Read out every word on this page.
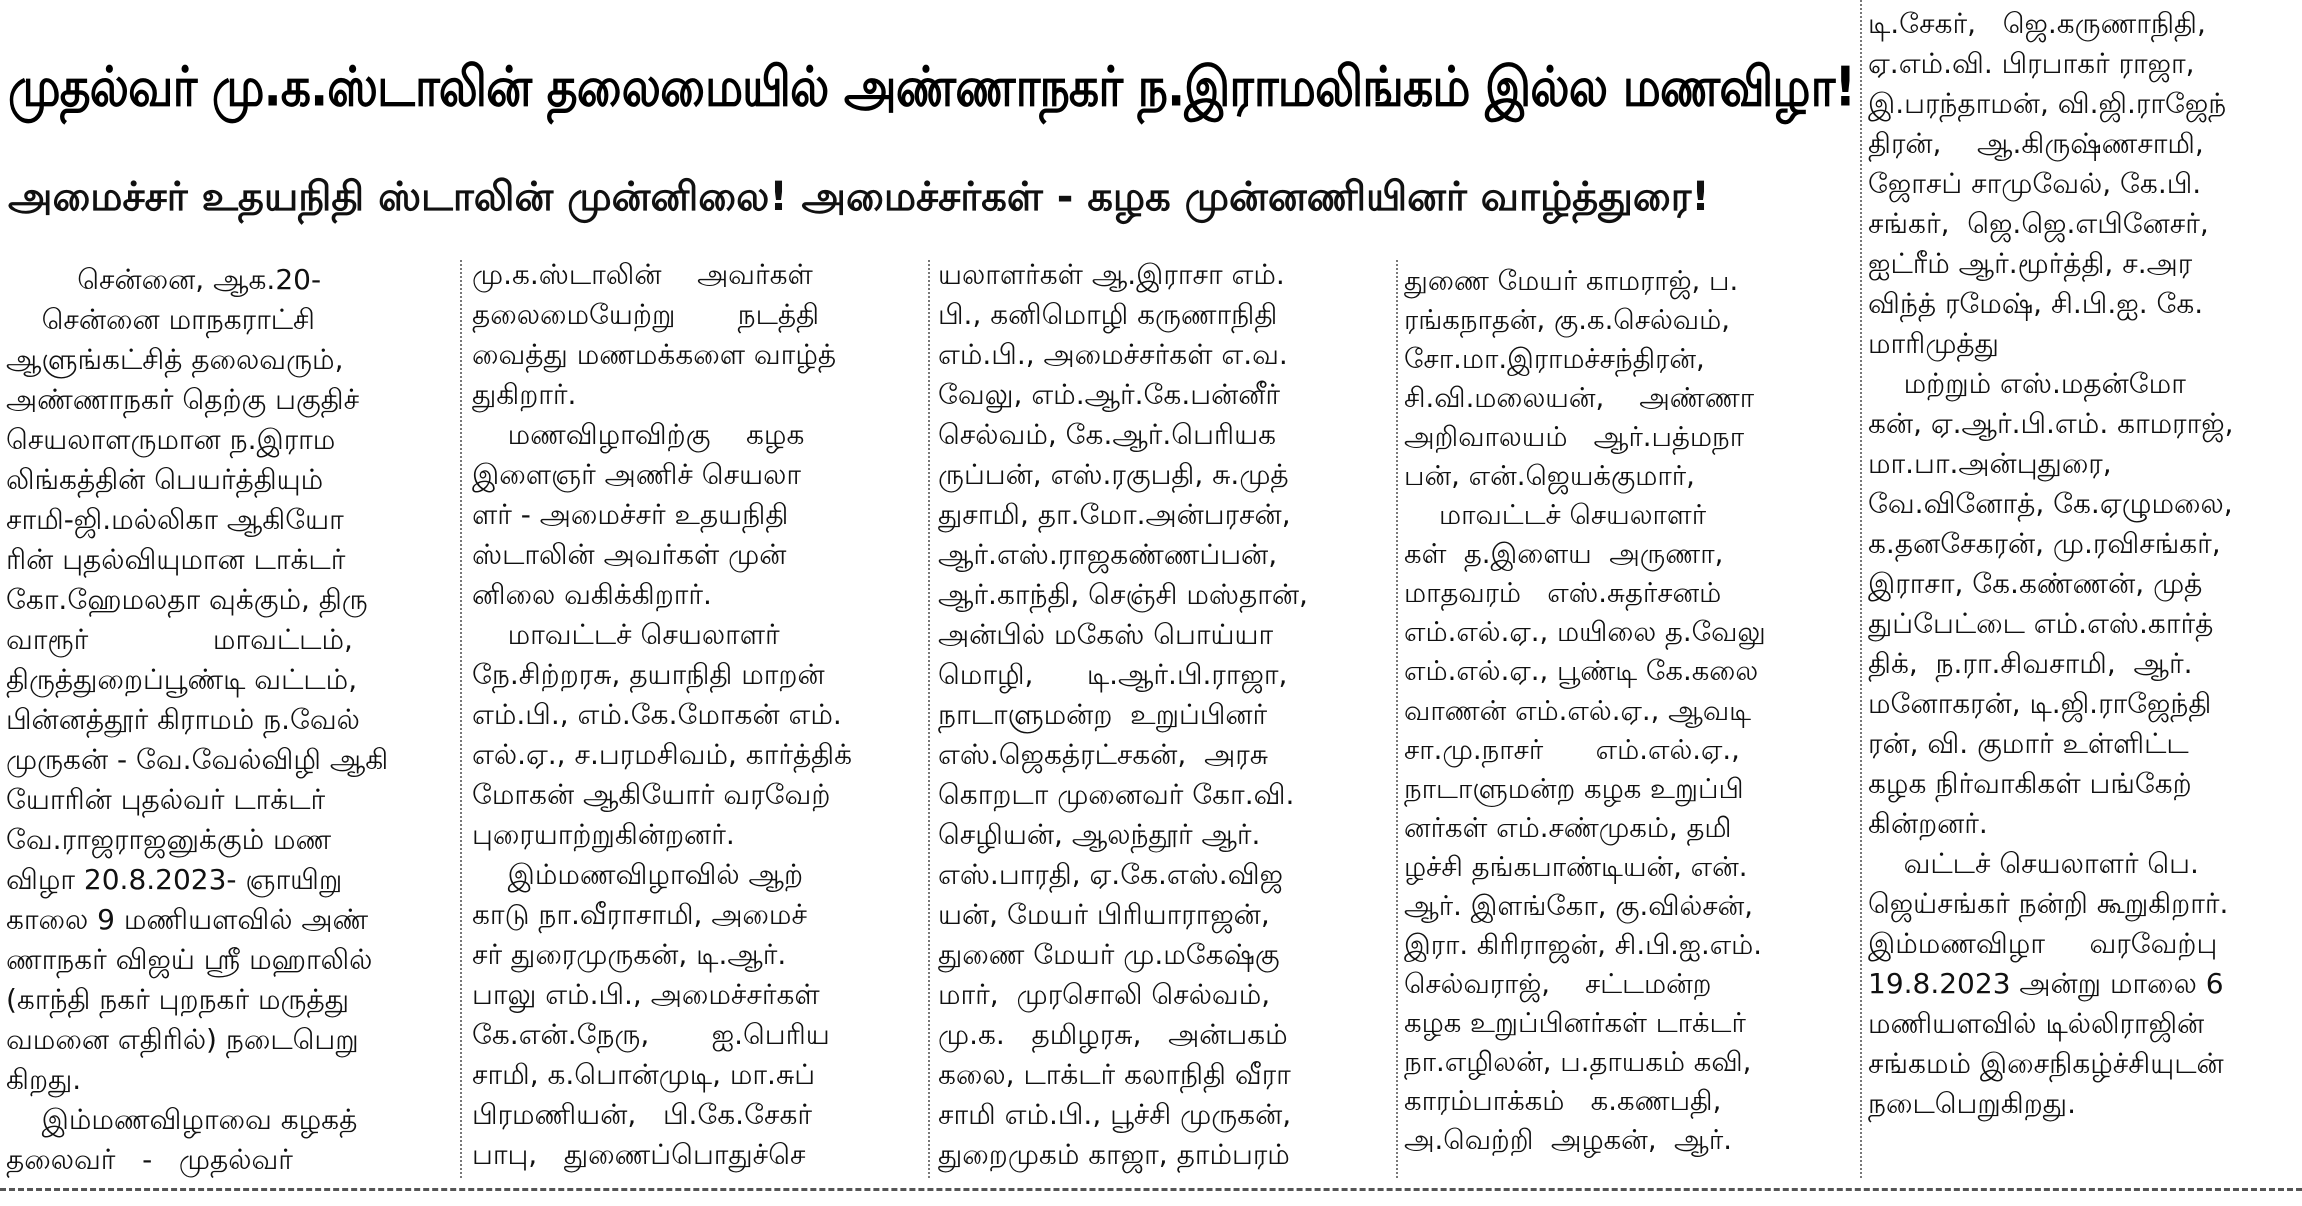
முதல்வர் மு.க.ஸ்டாலின் தலைமையில் அண்ணாநகர் ந.இராமலிங்கம் இல்ல மணவிழா!
அமைச்சர் உதயநிதி ஸ்டாலின் முன்னிலை! அமைச்சர்கள் - கழக முன்னணியினர் வாழ்த்துரை!
சென்னை, ஆக.20-
சென்னை மாநகராட்சி
ஆளுங்கட்சித் தலைவரும்,
அண்ணாநகர் தெற்கு பகுதிச்
செயலாளருமான ந.இராம
லிங்கத்தின் பெயர்த்தியும்
சாமி-ஜி.மல்லிகா ஆகியோ
ரின் புதல்வியுமான டாக்டர்
கோ.ஹேமலதா வுக்கும், திரு
வாரூர்              மாவட்டம்,
திருத்துறைப்பூண்டி வட்டம்,
பின்னத்தூர் கிராமம் ந.வேல்
முருகன் - வே.வேல்விழி ஆகி
யோரின் புதல்வர் டாக்டர்
வே.ராஜராஜனுக்கும் மண
விழா 20.8.2023- ஞாயிறு
காலை 9 மணியளவில் அண்
ணாநகர் விஜய் ஸ்ரீ மஹாலில்
(காந்தி நகர் புறநகர் மருத்து
வமனை எதிரில்) நடைபெறு
கிறது.
இம்மணவிழாவை கழகத்
தலைவர்   -   முதல்வர்
மு.க.ஸ்டாலின்    அவர்கள்
தலைமையேற்று       நடத்தி
வைத்து மணமக்களை வாழ்த்
துகிறார்.
மணவிழாவிற்கு    கழக
இளைஞர் அணிச் செயலா
ளர் - அமைச்சர் உதயநிதி
ஸ்டாலின் அவர்கள் முன்
னிலை வகிக்கிறார்.
மாவட்டச் செயலாளர்
நே.சிற்றரசு, தயாநிதி மாறன்
எம்.பி., எம்.கே.மோகன் எம்.
எல்.ஏ., ச.பரமசிவம், கார்த்திக்
மோகன் ஆகியோர் வரவேற்
புரையாற்றுகின்றனர்.
இம்மணவிழாவில் ஆற்
காடு நா.வீராசாமி, அமைச்
சர் துரைமுருகன், டி.ஆர்.
பாலு எம்.பி., அமைச்சர்கள்
கே.என்.நேரு,       ஐ.பெரிய
சாமி, க.பொன்முடி, மா.சுப்
பிரமணியன்,   பி.கே.சேகர்
பாபு,   துணைப்பொதுச்செ
யலாளர்கள் ஆ.இராசா எம்.
பி., கனிமொழி கருணாநிதி
எம்.பி., அமைச்சர்கள் எ.வ.
வேலு, எம்.ஆர்.கே.பன்னீர்
செல்வம், கே.ஆர்.பெரியக
ருப்பன், எஸ்.ரகுபதி, சு.முத்
துசாமி, தா.மோ.அன்பரசன்,
ஆர்.எஸ்.ராஜகண்ணப்பன்,
ஆர்.காந்தி, செஞ்சி மஸ்தான்,
அன்பில் மகேஸ் பொய்யா
மொழி,      டி.ஆர்.பி.ராஜா,
நாடாளுமன்ற  உறுப்பினர்
எஸ்.ஜெகத்ரட்சகன்,  அரசு
கொறடா முனைவர் கோ.வி.
செழியன், ஆலந்தூர் ஆர்.
எஸ்.பாரதி, ஏ.கே.எஸ்.விஜ
யன், மேயர் பிரியாராஜன்,
துணை மேயர் மு.மகேஷ்கு
மார்,  முரசொலி செல்வம்,
மு.க.   தமிழரசு,   அன்பகம்
கலை, டாக்டர் கலாநிதி வீரா
சாமி எம்.பி., பூச்சி முருகன்,
துறைமுகம் காஜா, தாம்பரம்
துணை மேயர் காமராஜ், ப.
ரங்கநாதன், கு.க.செல்வம்,
சோ.மா.இராமச்சந்திரன்,
சி.வி.மலையன்,    அண்ணா
அறிவாலயம்   ஆர்.பத்மநா
பன், என்.ஜெயக்குமார்,
மாவட்டச் செயலாளர்
கள்  த.இளைய  அருணா,
மாதவரம்   எஸ்.சுதர்சனம்
எம்.எல்.ஏ., மயிலை த.வேலு
எம்.எல்.ஏ., பூண்டி கே.கலை
வாணன் எம்.எல்.ஏ., ஆவடி
சா.மு.நாசர்      எம்.எல்.ஏ.,
நாடாளுமன்ற கழக உறுப்பி
னர்கள் எம்.சண்முகம், தமி
ழச்சி தங்கபாண்டியன், என்.
ஆர். இளங்கோ, கு.வில்சன்,
இரா. கிரிராஜன், சி.பி.ஐ.எம்.
செல்வராஜ்,    சட்டமன்ற
கழக உறுப்பினர்கள் டாக்டர்
நா.எழிலன், ப.தாயகம் கவி,
காரம்பாக்கம்   க.கணபதி,
அ.வெற்றி  அழகன்,  ஆர்.
டி.சேகர்,   ஜெ.கருணாநிதி,
ஏ.எம்.வி. பிரபாகர் ராஜா,
இ.பரந்தாமன், வி.ஜி.ராஜேந்
திரன்,    ஆ.கிருஷ்ணசாமி,
ஜோசப் சாமுவேல், கே.பி.
சங்கர்,  ஜெ.ஜெ.எபினேசர்,
ஐட்ரீம் ஆர்.மூர்த்தி, ச.அர
விந்த் ரமேஷ், சி.பி.ஐ. கே.
மாரிமுத்து
மற்றும் எஸ்.மதன்மோ
கன், ஏ.ஆர்.பி.எம். காமராஜ்,
மா.பா.அன்புதுரை,
வே.வினோத், கே.ஏழுமலை,
க.தனசேகரன், மு.ரவிசங்கர்,
இராசா, கே.கண்ணன், முத்
துப்பேட்டை எம்.எஸ்.கார்த்
திக்,  ந.ரா.சிவசாமி,  ஆர்.
மனோகரன், டி.ஜி.ராஜேந்தி
ரன், வி. குமார் உள்ளிட்ட
கழக நிர்வாகிகள் பங்கேற்
கின்றனர்.
வட்டச் செயலாளர் பெ.
ஜெய்சங்கர் நன்றி கூறுகிறார்.
இம்மணவிழா     வரவேற்பு
19.8.2023 அன்று மாலை 6
மணியளவில் டில்லிராஜின்
சங்கமம் இசைநிகழ்ச்சியுடன்
நடைபெறுகிறது.
